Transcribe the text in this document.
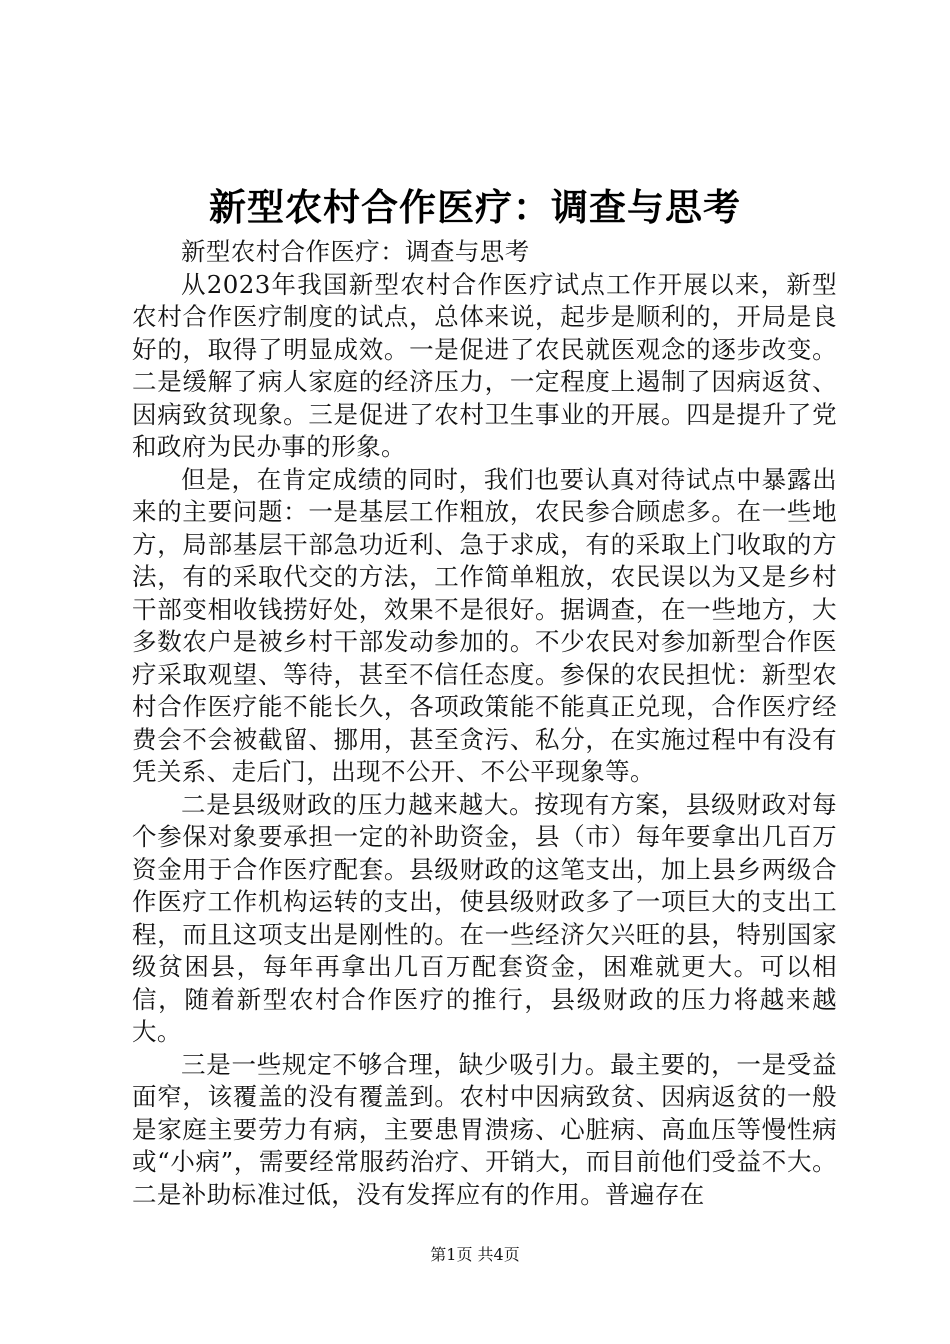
新型农村合作医疗：调查与思考

新型农村合作医疗：调查与思考

从2023年我国新型农村合作医疗试点工作开展以来，新型农村合作医疗制度的试点，总体来说，起步是顺利的，开局是良好的，取得了明显成效。一是促进了农民就医观念的逐步改变。二是缓解了病人家庭的经济压力，一定程度上遏制了因病返贫、因病致贫现象。三是促进了农村卫生事业的开展。四是提升了党和政府为民办事的形象。

但是，在肯定成绩的同时，我们也要认真对待试点中暴露出来的主要问题：一是基层工作粗放，农民参合顾虑多。在一些地方，局部基层干部急功近利、急于求成，有的采取上门收取的方法，有的采取代交的方法，工作简单粗放，农民误以为又是乡村干部变相收钱捞好处，效果不是很好。据调查，在一些地方，大多数农户是被乡村干部发动参加的。不少农民对参加新型合作医疗采取观望、等待，甚至不信任态度。参保的农民担忧：新型农村合作医疗能不能长久，各项政策能不能真正兑现，合作医疗经费会不会被截留、挪用，甚至贪污、私分，在实施过程中有没有凭关系、走后门，出现不公开、不公平现象等。

二是县级财政的压力越来越大。按现有方案，县级财政对每个参保对象要承担一定的补助资金，县（市）每年要拿出几百万资金用于合作医疗配套。县级财政的这笔支出，加上县乡两级合作医疗工作机构运转的支出，使县级财政多了一项巨大的支出工程，而且这项支出是刚性的。在一些经济欠兴旺的县，特别国家级贫困县，每年再拿出几百万配套资金，困难就更大。可以相信，随着新型农村合作医疗的推行，县级财政的压力将越来越大。

三是一些规定不够合理，缺少吸引力。最主要的，一是受益面窄，该覆盖的没有覆盖到。农村中因病致贫、因病返贫的一般是家庭主要劳力有病，主要患胃溃疡、心脏病、高血压等慢性病或“小病”，需要经常服药治疗、开销大，而目前他们受益不大。二是补助标准过低，没有发挥应有的作用。普遍存在

第1页 共4页
